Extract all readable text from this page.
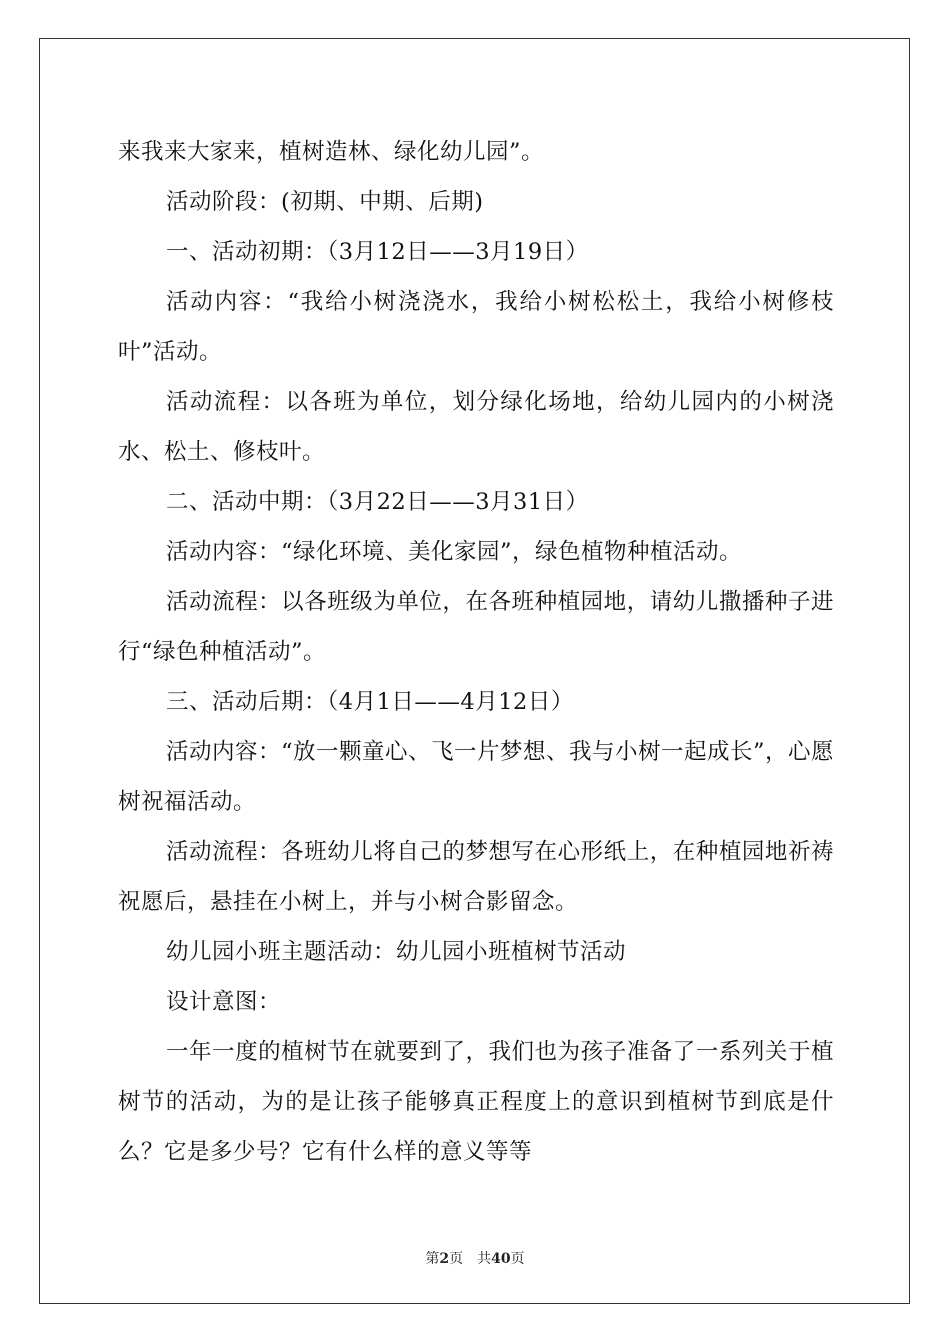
来我来大家来，植树造林、绿化幼儿园”。

活动阶段：(初期、中期、后期)

一、活动初期：（3月12日——3月19日）

活动内容：“我给小树浇浇水，我给小树松松土，我给小树修枝叶”活动。

活动流程：以各班为单位，划分绿化场地，给幼儿园内的小树浇水、松土、修枝叶。

二、活动中期：（3月22日——3月31日）

活动内容：“绿化环境、美化家园”，绿色植物种植活动。

活动流程：以各班级为单位，在各班种植园地，请幼儿撒播种子进行“绿色种植活动”。

三、活动后期：（4月1日——4月12日）

活动内容：“放一颗童心、飞一片梦想、我与小树一起成长”，心愿树祝福活动。

活动流程：各班幼儿将自己的梦想写在心形纸上，在种植园地祈祷祝愿后，悬挂在小树上，并与小树合影留念。

幼儿园小班主题活动：幼儿园小班植树节活动

设计意图：

一年一度的植树节在就要到了，我们也为孩子准备了一系列关于植树节的活动，为的是让孩子能够真正程度上的意识到植树节到底是什么？它是多少号？它有什么样的意义等等

第2页 共40页
